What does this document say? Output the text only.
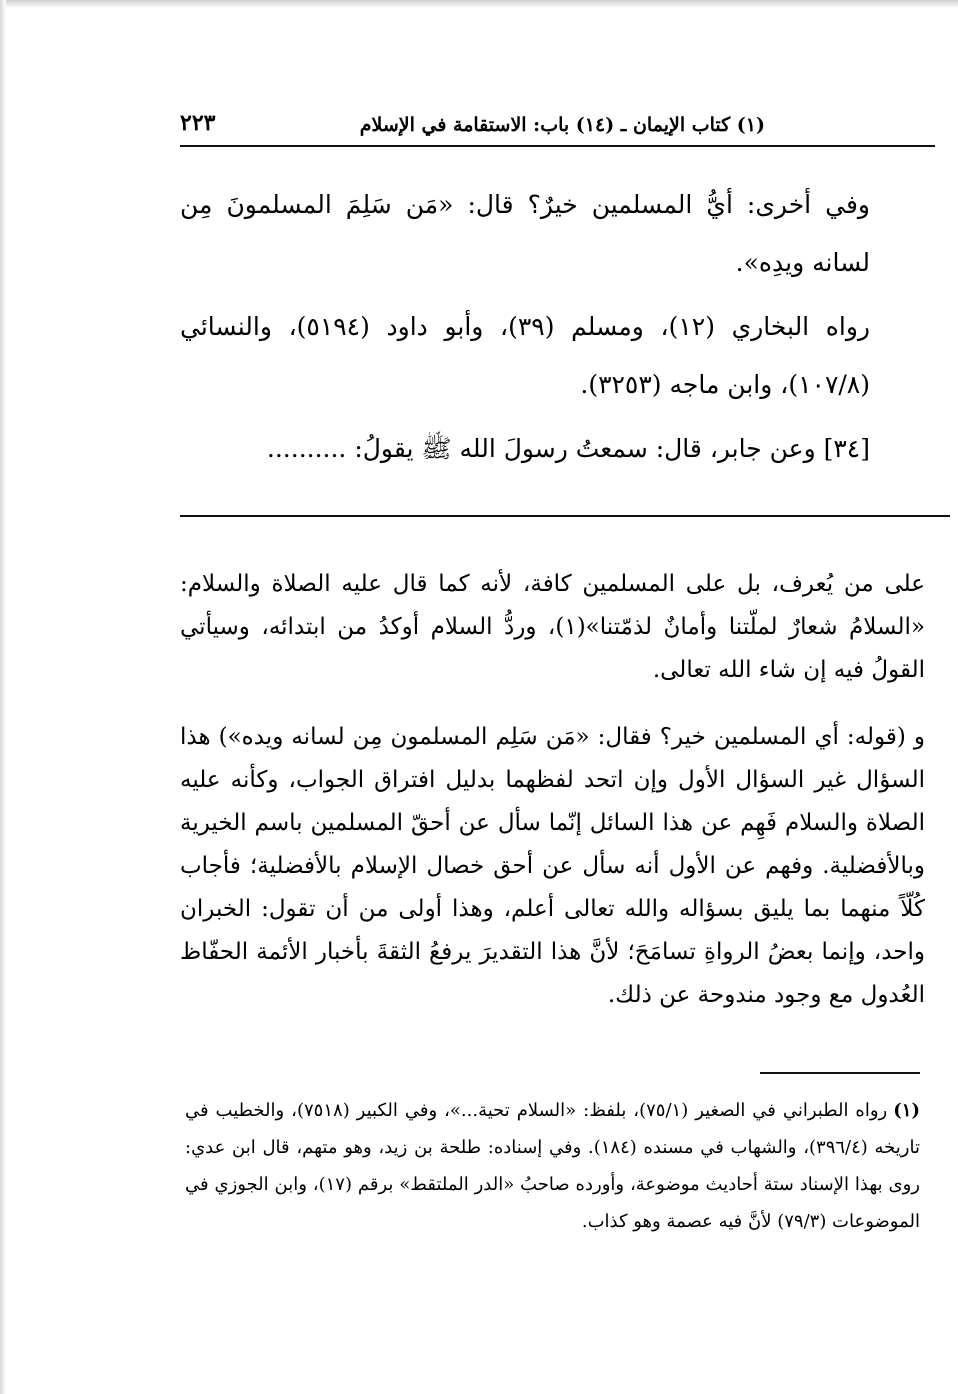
(١) كتاب الإيمان ـ (١٤) باب: الاستقامة في الإسلام
٢٢٣
وفي أخرى: أيُّ المسلمين خيرٌ؟ قال: «مَن سَلِمَ المسلمونَ مِن لسانه ويدِه».
رواه البخاري (١٢)، ومسلم (٣٩)، وأبو داود (٥١٩٤)، والنسائي (١٠٧/٨)، وابن ماجه (٣٢٥٣).
[٣٤] وعن جابر، قال: سمعتُ رسولَ الله ﷺ يقولُ: ..........
على من يُعرف، بل على المسلمين كافة، لأنه كما قال عليه الصلاة والسلام: «السلامُ شعارٌ لملّتنا وأمانٌ لذمّتنا»(١)، وردُّ السلام أوكدُ من ابتدائه، وسيأتي القولُ فيه إن شاء الله تعالى.
و (قوله: أي المسلمين خير؟ فقال: «مَن سَلِم المسلمون مِن لسانه ويده») هذا السؤال غير السؤال الأول وإن اتحد لفظهما بدليل افتراق الجواب، وكأنه عليه الصلاة والسلام فَهِم عن هذا السائل إنّما سأل عن أحقّ المسلمين باسم الخيرية وبالأفضلية. وفهم عن الأول أنه سأل عن أحق خصال الإسلام بالأفضلية؛ فأجاب كُلّاً منهما بما يليق بسؤاله والله تعالى أعلم، وهذا أولى من أن تقول: الخبران واحد، وإنما بعضُ الرواةِ تسامَحَ؛ لأنَّ هذا التقديرَ يرفعُ الثقةَ بأخبار الأئمة الحفّاظ العُدول مع وجود مندوحة عن ذلك.
(١)رواه الطبراني في الصغير (٧٥/١)، بلفظ: «السلام تحية...»، وفي الكبير (٧٥١٨)، والخطيب في تاريخه (٣٩٦/٤)، والشهاب في مسنده (١٨٤). وفي إسناده: طلحة بن زيد، وهو متهم، قال ابن عدي: روى بهذا الإسناد ستة أحاديث موضوعة، وأورده صاحبُ «الدر الملتقط» برقم (١٧)، وابن الجوزي في الموضوعات (٧٩/٣) لأنَّ فيه عصمة وهو كذاب.
